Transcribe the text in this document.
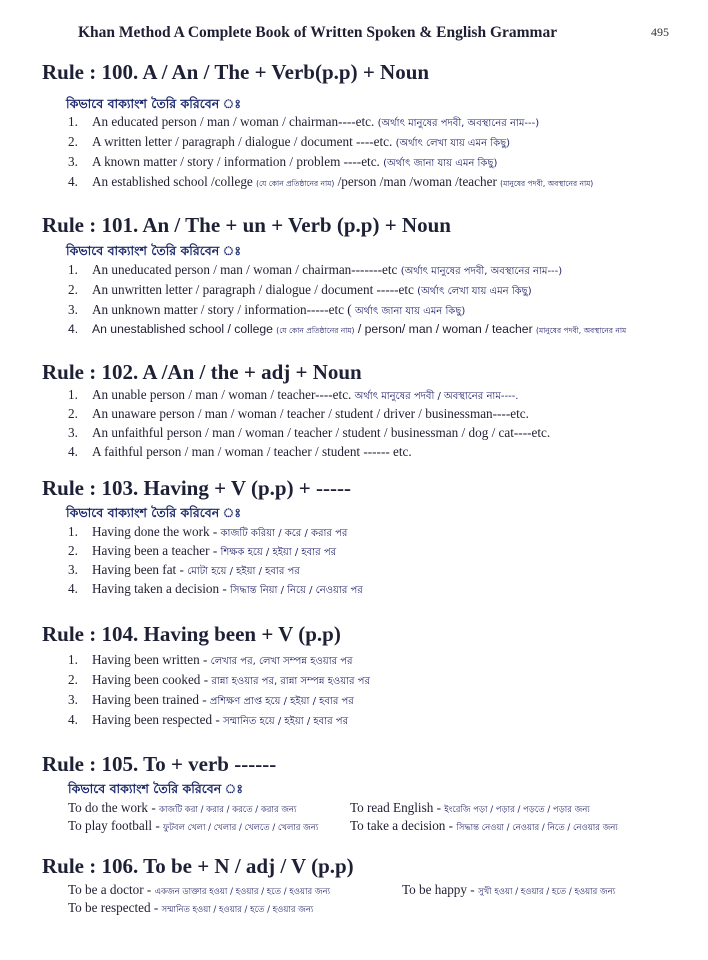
Khan Method A Complete Book of Written Spoken & English Grammar	495
Rule : 100. A / An / The + Verb(p.p) + Noun
কিভাবে বাক্যাংশ তৈরি করিবেন ঃ
1. An educated person / man / woman / chairman----etc. (অর্থাৎ মানুষের পদবী, অবস্থানের নাম---)
2. A written letter / paragraph / dialogue / document ----etc. (অর্থাৎ লেখা যায় এমন কিছু)
3. A known matter / story / information / problem ----etc. (অর্থাৎ জানা যায় এমন কিছু)
4. An established school /college (যে কোন প্রতিষ্ঠানের নাম) /person /man /woman /teacher (মানুষের পদবী, অবস্থানের নাম)
Rule : 101. An / The + un + Verb (p.p) + Noun
কিভাবে বাক্যাংশ তৈরি করিবেন ঃ
1. An uneducated person / man / woman / chairman-------etc (অর্থাৎ মানুষের পদবী, অবস্থানের নাম---)
2. An unwritten letter / paragraph / dialogue / document -----etc (অর্থাৎ লেখা যায় এমন কিছু)
3. An unknown matter / story / information-----etc ( অর্থাৎ জানা যায় এমন কিছু)
4. An unestablished school / college (যে কোন প্রতিষ্ঠানের নাম) / person/ man / woman / teacher (মানুষের পদবী, অবস্থানের নাম
Rule : 102. A /An / the + adj + Noun
1. An unable person / man / woman / teacher----etc. অর্থাৎ মানুষের পদবী / অবস্থানের নাম----.
2. An unaware person / man / woman / teacher / student / driver / businessman----etc.
3. An unfaithful person / man / woman / teacher / student / businessman / dog / cat----etc.
4. A faithful person / man / woman / teacher / student ------ etc.
Rule : 103. Having + V (p.p) + -----
কিভাবে বাক্যাংশ তৈরি করিবেন ঃ
1. Having done the work - কাজটি করিয়া / করে / করার পর
2. Having been a teacher - শিক্ষক হয়ে / হইয়া / হবার পর
3. Having been fat - মোটা হয়ে / হইয়া / হবার পর
4. Having taken a decision - সিদ্ধান্ত নিয়া / নিয়ে / নেওয়ার পর
Rule : 104. Having been + V (p.p)
1. Having been written - লেখার পর, লেখা সম্পন্ন হওয়ার পর
2. Having been cooked - রান্না হওয়ার পর, রান্না সম্পন্ন হওয়ার পর
3. Having been trained - প্রশিক্ষণ প্রাপ্ত হয়ে / হইয়া / হবার পর
4. Having been respected - সম্মানিত হয়ে / হইয়া / হবার পর
Rule : 105. To + verb ------
কিভাবে বাক্যাংশ তৈরি করিবেন ঃ
To do the work - কাজটি করা / করার / করতে / করার জন্য	To read English - ইংরেজি পড়া / পড়ার / পড়তে / পড়ার জন্য
To play football - ফুটবল খেলা / খেলার / খেলতে / খেলার জন্য To take a decision - সিদ্ধান্ত নেওয়া / নেওয়ার / নিতে / নেওয়ার জন্য
Rule : 106. To be + N / adj / V (p.p)
To be a doctor - একজন ডাক্তার হওয়া / হওয়ার / হতে / হওয়ার জন্য	To be happy - সুখী হওয়া / হওয়ার / হতে / হওয়ার জন্য
To be respected - সম্মানিত হওয়া / হওয়ার / হতে / হওয়ার জন্য
